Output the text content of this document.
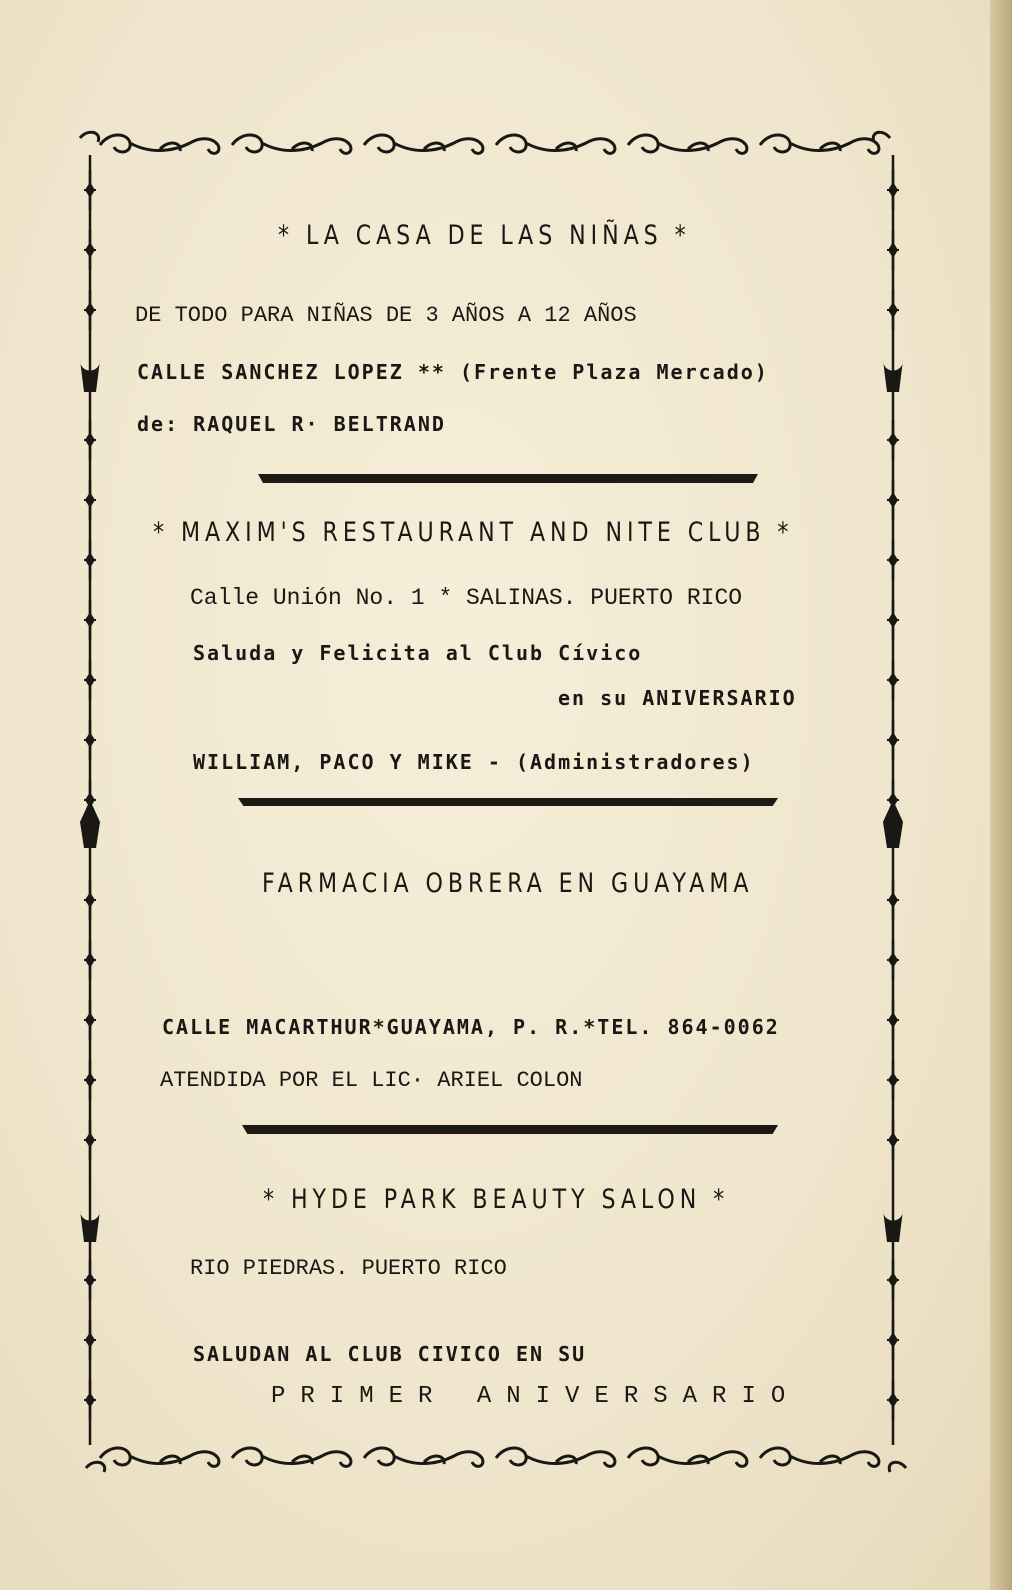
* LA CASA DE LAS NIÑAS *
DE TODO PARA NIÑAS DE 3 AÑOS A 12 AÑOS
CALLE SANCHEZ LOPEZ ** (Frente Plaza Mercado)
de: RAQUEL R· BELTRAND
* MAXIM'S RESTAURANT AND NITE CLUB *
Calle Unión No. 1 * SALINAS. PUERTO RICO
Saluda y Felicita al Club Cívico
en su ANIVERSARIO
WILLIAM, PACO Y MIKE - (Administradores)
FARMACIA OBRERA EN GUAYAMA
CALLE MACARTHUR*GUAYAMA, P. R.*TEL. 864-0062
ATENDIDA POR EL LIC· ARIEL COLON
* HYDE PARK BEAUTY SALON *
RIO PIEDRAS. PUERTO RICO
SALUDAN AL CLUB CIVICO EN SU
PRIMER ANIVERSARIO
